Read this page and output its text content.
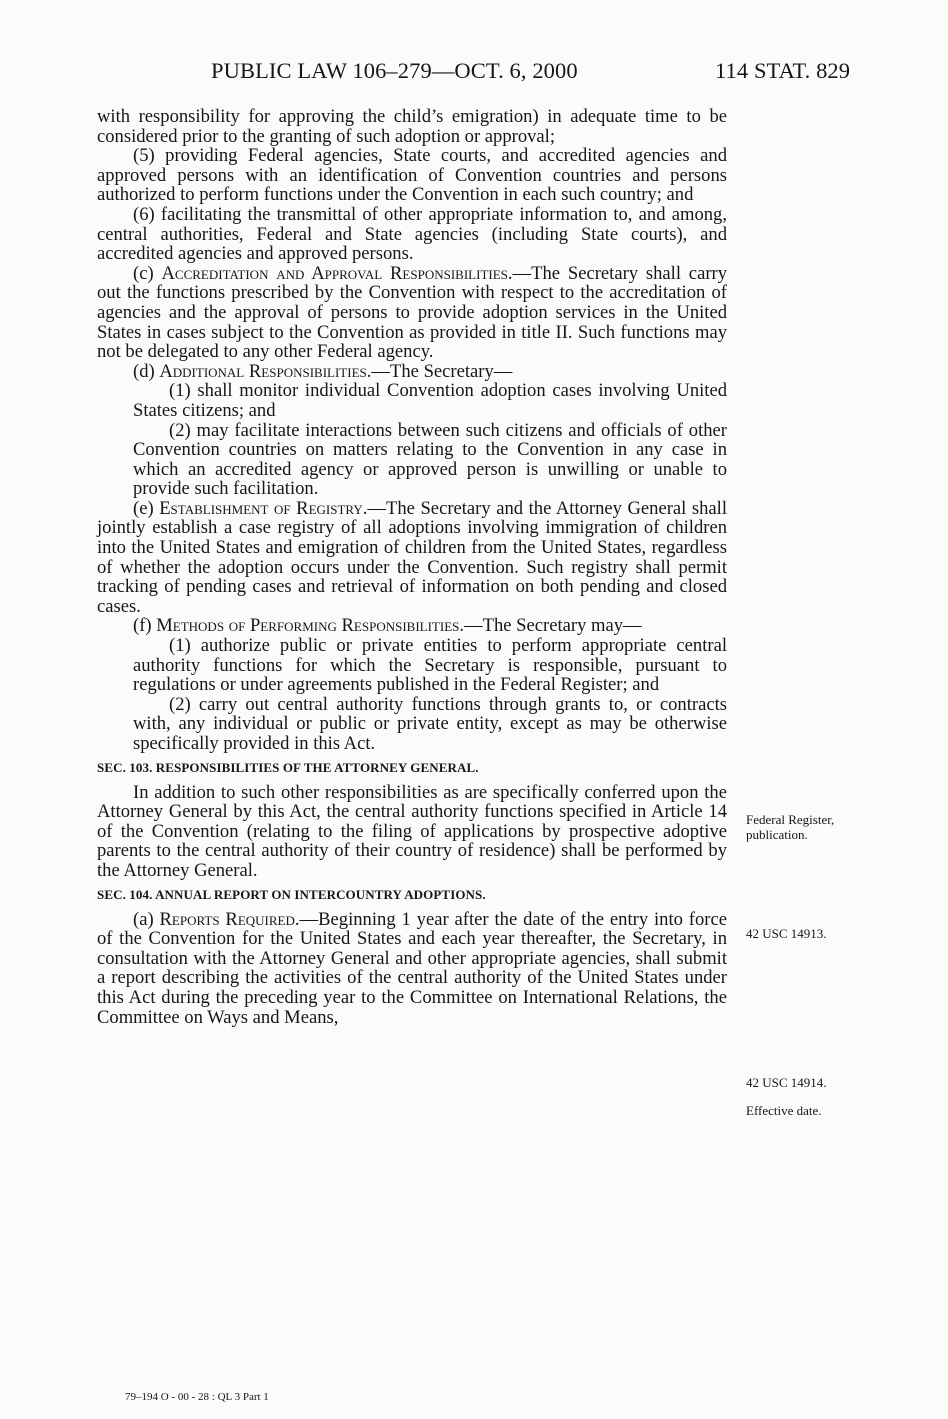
PUBLIC LAW 106–279—OCT. 6, 2000	114 STAT. 829

with responsibility for approving the child’s emigration) in adequate time to be considered prior to the granting of such adoption or approval;

(5) providing Federal agencies, State courts, and accredited agencies and approved persons with an identification of Convention countries and persons authorized to perform functions under the Convention in each such country; and

(6) facilitating the transmittal of other appropriate information to, and among, central authorities, Federal and State agencies (including State courts), and accredited agencies and approved persons.

(c) Accreditation and Approval Responsibilities.—The Secretary shall carry out the functions prescribed by the Convention with respect to the accreditation of agencies and the approval of persons to provide adoption services in the United States in cases subject to the Convention as provided in title II. Such functions may not be delegated to any other Federal agency.

(d) Additional Responsibilities.—The Secretary—

(1) shall monitor individual Convention adoption cases involving United States citizens; and

(2) may facilitate interactions between such citizens and officials of other Convention countries on matters relating to the Convention in any case in which an accredited agency or approved person is unwilling or unable to provide such facilitation.

(e) Establishment of Registry.—The Secretary and the Attorney General shall jointly establish a case registry of all adoptions involving immigration of children into the United States and emigration of children from the United States, regardless of whether the adoption occurs under the Convention. Such registry shall permit tracking of pending cases and retrieval of information on both pending and closed cases.

(f) Methods of Performing Responsibilities.—The Secretary may—

(1) authorize public or private entities to perform appropriate central authority functions for which the Secretary is responsible, pursuant to regulations or under agreements published in the Federal Register; and

(2) carry out central authority functions through grants to, or contracts with, any individual or public or private entity, except as may be otherwise specifically provided in this Act.

SEC. 103. RESPONSIBILITIES OF THE ATTORNEY GENERAL.

In addition to such other responsibilities as are specifically conferred upon the Attorney General by this Act, the central authority functions specified in Article 14 of the Convention (relating to the filing of applications by prospective adoptive parents to the central authority of their country of residence) shall be performed by the Attorney General.

SEC. 104. ANNUAL REPORT ON INTERCOUNTRY ADOPTIONS.

(a) Reports Required.—Beginning 1 year after the date of the entry into force of the Convention for the United States and each year thereafter, the Secretary, in consultation with the Attorney General and other appropriate agencies, shall submit a report describing the activities of the central authority of the United States under this Act during the preceding year to the Committee on International Relations, the Committee on Ways and Means,

Federal Register,
publication.
42 USC 14913.
42 USC 14914.
Effective date.
79–194 O - 00 - 28 : QL 3 Part 1
